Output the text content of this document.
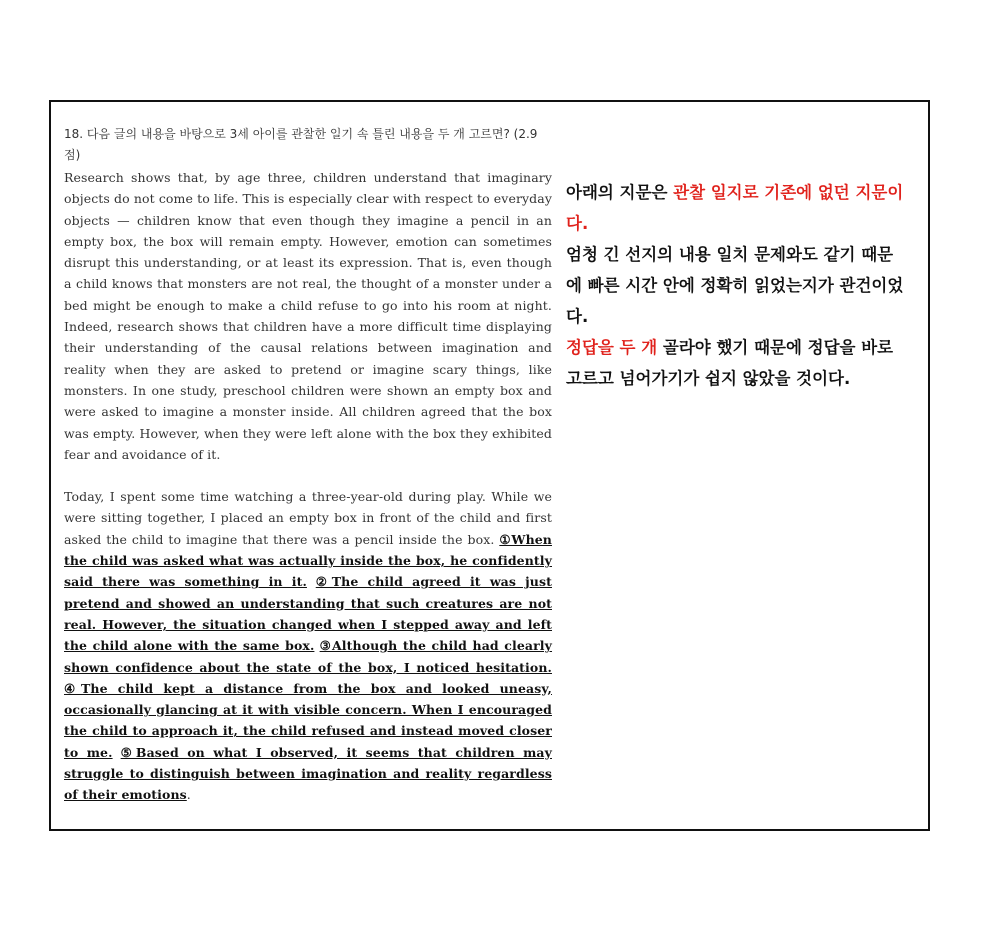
18. 다음 글의 내용을 바탕으로 3세 아이를 관찰한 일기 속 틀린 내용을 두 개 고르면? (2.9점)

Research shows that, by age three, children understand that imaginary objects do not come to life. This is especially clear with respect to everyday objects — children know that even though they imagine a pencil in an empty box, the box will remain empty. However, emotion can sometimes disrupt this understanding, or at least its expression. That is, even though a child knows that monsters are not real, the thought of a monster under a bed might be enough to make a child refuse to go into his room at night. Indeed, research shows that children have a more difficult time displaying their understanding of the causal relations between imagination and reality when they are asked to pretend or imagine scary things, like monsters. In one study, preschool children were shown an empty box and were asked to imagine a monster inside. All children agreed that the box was empty. However, when they were left alone with the box they exhibited fear and avoidance of it.

Today, I spent some time watching a three-year-old during play. While we were sitting together, I placed an empty box in front of the child and first asked the child to imagine that there was a pencil inside the box. ①When the child was asked what was actually inside the box, he confidently said there was something in it. ②The child agreed it was just pretend and showed an understanding that such creatures are not real. However, the situation changed when I stepped away and left the child alone with the same box. ③Although the child had clearly shown confidence about the state of the box, I noticed hesitation. ④The child kept a distance from the box and looked uneasy, occasionally glancing at it with visible concern. When I encouraged the child to approach it, the child refused and instead moved closer to me. ⑤Based on what I observed, it seems that children may struggle to distinguish between imagination and reality regardless of their emotions.

아래의 지문은 관찰 일지로 기존에 없던 지문이다.

엄청 긴 선지의 내용 일치 문제와도 같기 때문에 빠른 시간 안에 정확히 읽었는지가 관건이었다.

정답을 두 개 골라야 했기 때문에 정답을 바로 고르고 넘어가기가 쉽지 않았을 것이다.
